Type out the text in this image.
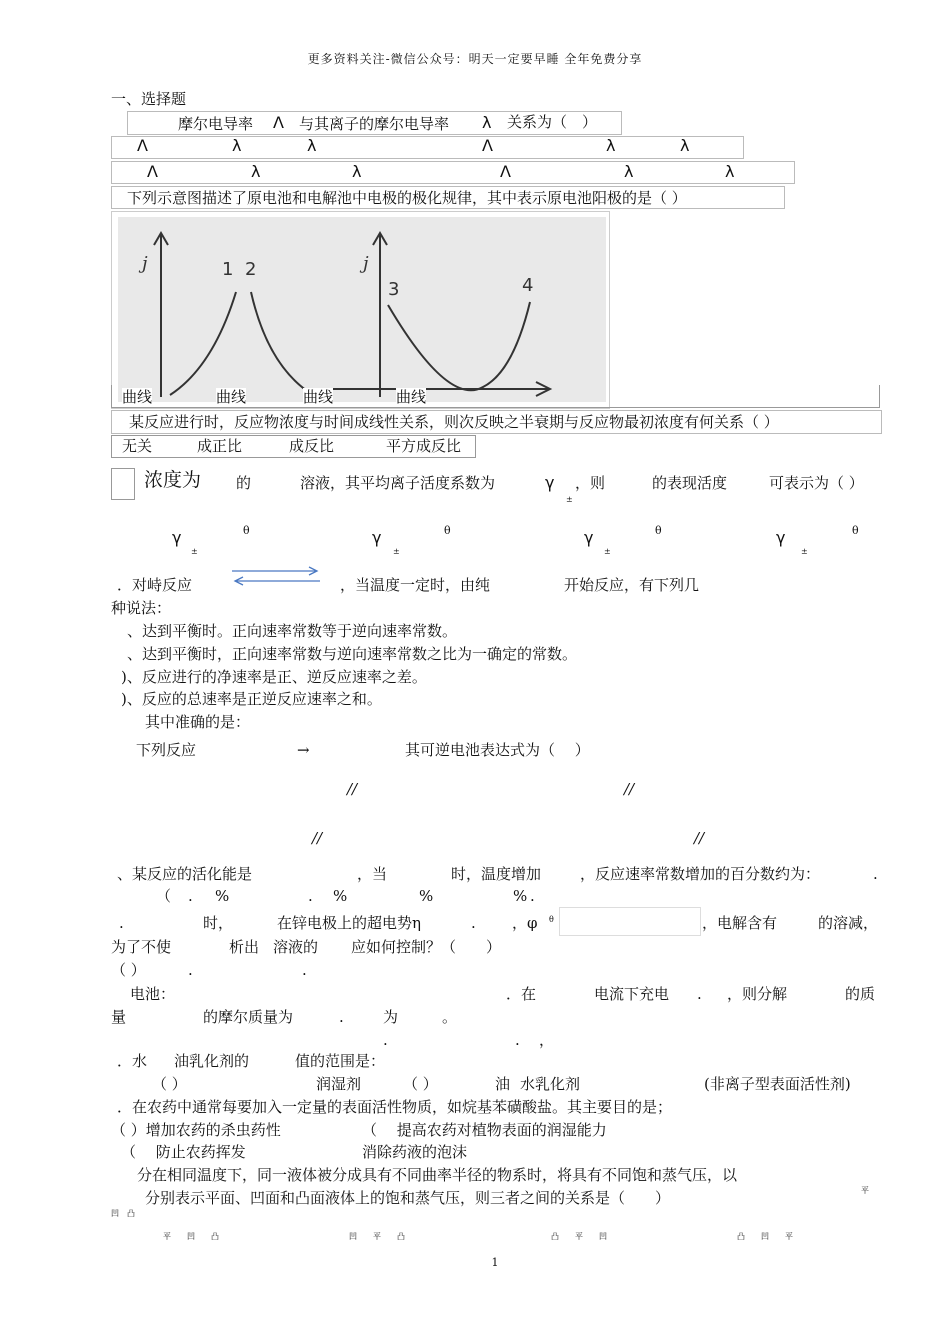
更多资料关注-微信公众号：明天一定要早睡 全年免费分享
一、选择题
摩尔电导率 Λ 与其离子的摩尔电导率 λ 关系为（　）
Λ	λ	λ	Λ	λ	λ
Λ	λ	λ	Λ	λ	λ
下列示意图描述了原电池和电解池中电极的极化规律，其中表示原电池阳极的是（ ）
j	j
1 2
3	4
曲线	曲线	曲线	曲线
某反应进行时，反应物浓度与时间成线性关系，则次反映之半衰期与反应物最初浓度有何关系（ ）
无关	成正比	成反比	平方成反比
浓度为 的	溶液，其平均离子活度系数为	γ
±
，则	的表现活度	可表示为（ ）
γ
±
θ	γ
±
θ	γ
±
θ	γ
±
θ
．对峙反应	，当温度一定时，由纯	开始反应，有下列几
种说法：
、达到平衡时。正向速率常数等于逆向速率常数。
、达到平衡时，正向速率常数与逆向速率常数之比为一确定的常数。
)、反应进行的净速率是正、逆反应速率之差。
)、反应的总速率是正逆反应速率之和。
其中准确的是：
下列反应	→	其可逆电池表达式为（　 ）
//	//
//	//
、某反应的活化能是	，当	时，温度增加	，反应速率常数增加的百分数约为：	.
（ . %	. %	%	% .
.	时，	在锌电极上的超电势η	. ，φ θ	，电解含有	的溶减，
为了不使	析出 溶液的 应如何控制？（　　）
（ ）	.	.
电池：	．在	电流下充电 . ，则分解	的质
量	的摩尔质量为	.	为	。
.	. ，
．水 油乳化剂的	值的范围是：
（ ）	润湿剂	（ ）	油 水乳化剂	(非离子型表面活性剂)
．在农药中通常每要加入一定量的表面活性物质，如烷基苯磺酸盐。其主要目的是；
（ ）增加农药的杀虫药性	（　 提高农药对植物表面的润湿能力
（　 防止农药挥发	消除药液的泡沫
分在相同温度下，同一液体被分成具有不同曲率半径的物系时，将具有不同饱和蒸气压，以
平
分别表示平面、凹面和凸面液体上的饱和蒸气压，则三者之间的关系是（　　）
凹　凸
平　　凹　　凸	凹　　平　　凸	凸　　平　　凹	凸　　凹　　平
1
